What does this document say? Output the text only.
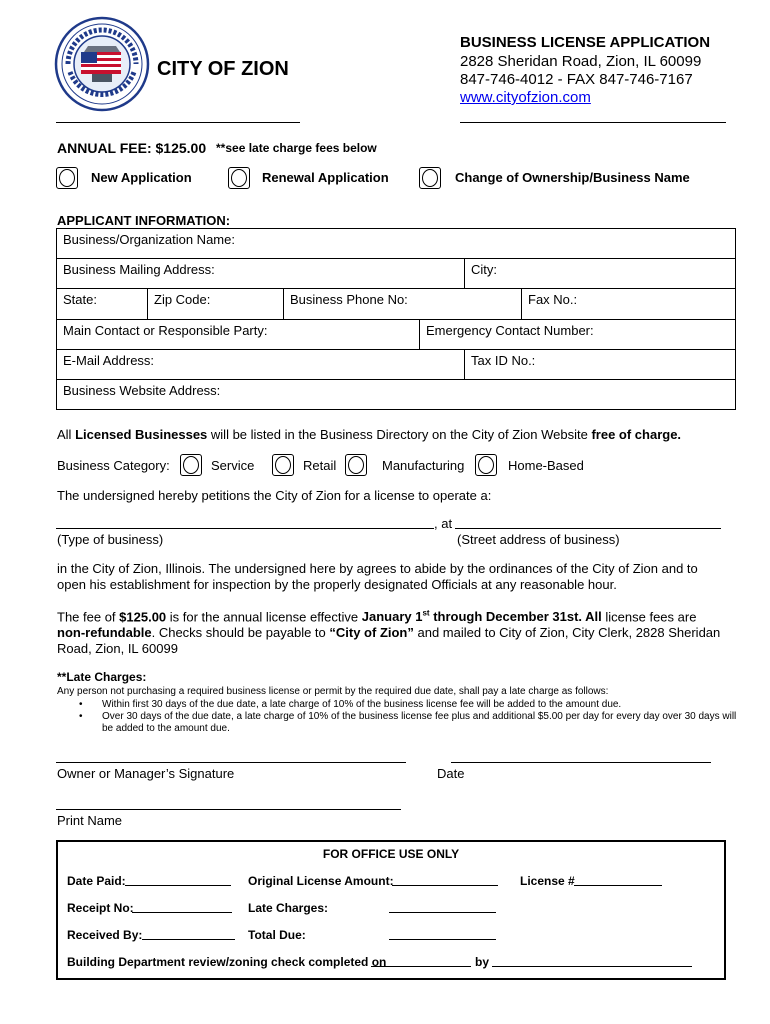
CITY OF ZION
BUSINESS LICENSE APPLICATION
2828 Sheridan Road, Zion, IL 60099
847-746-4012 - FAX 847-746-7167
www.cityofzion.com
ANNUAL FEE: $125.00 **see late charge fees below
New Application	Renewal Application	Change of Ownership/Business Name
APPLICANT INFORMATION:
Business/Organization Name:
Business Mailing Address:	City:
State:	Zip Code:	Business Phone No:	Fax No.:
Main Contact or Responsible Party:	Emergency Contact Number:
E-Mail Address:	Tax ID No.:
Business Website Address:
All Licensed Businesses will be listed in the Business Directory on the City of Zion Website free of charge.
Business Category:	Service	Retail	Manufacturing	Home-Based
The undersigned hereby petitions the City of Zion for a license to operate a:
, at
(Type of business)	(Street address of business)
in the City of Zion, Illinois. The undersigned here by agrees to abide by the ordinances of the City of Zion and to open his establishment for inspection by the properly designated Officials at any reasonable hour.
The fee of $125.00 is for the annual license effective January 1st through December 31st. All license fees are non-refundable. Checks should be payable to “City of Zion” and mailed to City of Zion, City Clerk, 2828 Sheridan Road, Zion, IL 60099
**Late Charges:
Any person not purchasing a required business license or permit by the required due date, shall pay a late charge as follows:
• Within first 30 days of the due date, a late charge of 10% of the business license fee will be added to the amount due.
• Over 30 days of the due date, a late charge of 10% of the business license fee plus and additional $5.00 per day for every day over 30 days will be added to the amount due.
Owner or Manager’s Signature	Date
Print Name
FOR OFFICE USE ONLY
Date Paid:	Original License Amount:	License #
Receipt No:	Late Charges:
Received By:	Total Due:
Building Department review/zoning check completed on	by
